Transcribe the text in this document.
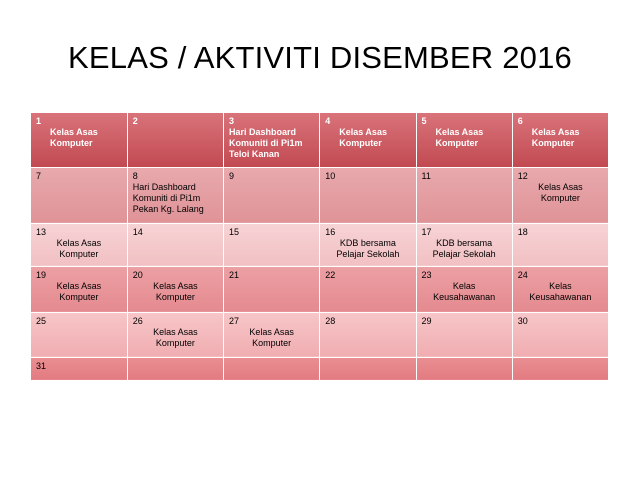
KELAS / AKTIVITI DISEMBER 2016
1
Kelas Asas
Komputer	2	3
Hari Dashboard
Komuniti di Pi1m
Teloi Kanan	4
Kelas Asas
Komputer	5
Kelas Asas
Komputer	6
Kelas Asas
Komputer

7	8
Hari Dashboard
Komuniti di Pi1m
Pekan Kg. Lalang	9	10	11	12
Kelas Asas
Komputer

13
Kelas Asas
Komputer	14	15	16
KDB bersama
Pelajar Sekolah	17
KDB bersama
Pelajar Sekolah	18

19
Kelas Asas
Komputer	20
Kelas Asas
Komputer	21	22	23
Kelas
Keusahawanan	24
Kelas
Keusahawanan

25	26
Kelas Asas
Komputer	27
Kelas Asas
Komputer	28	29	30

31					
